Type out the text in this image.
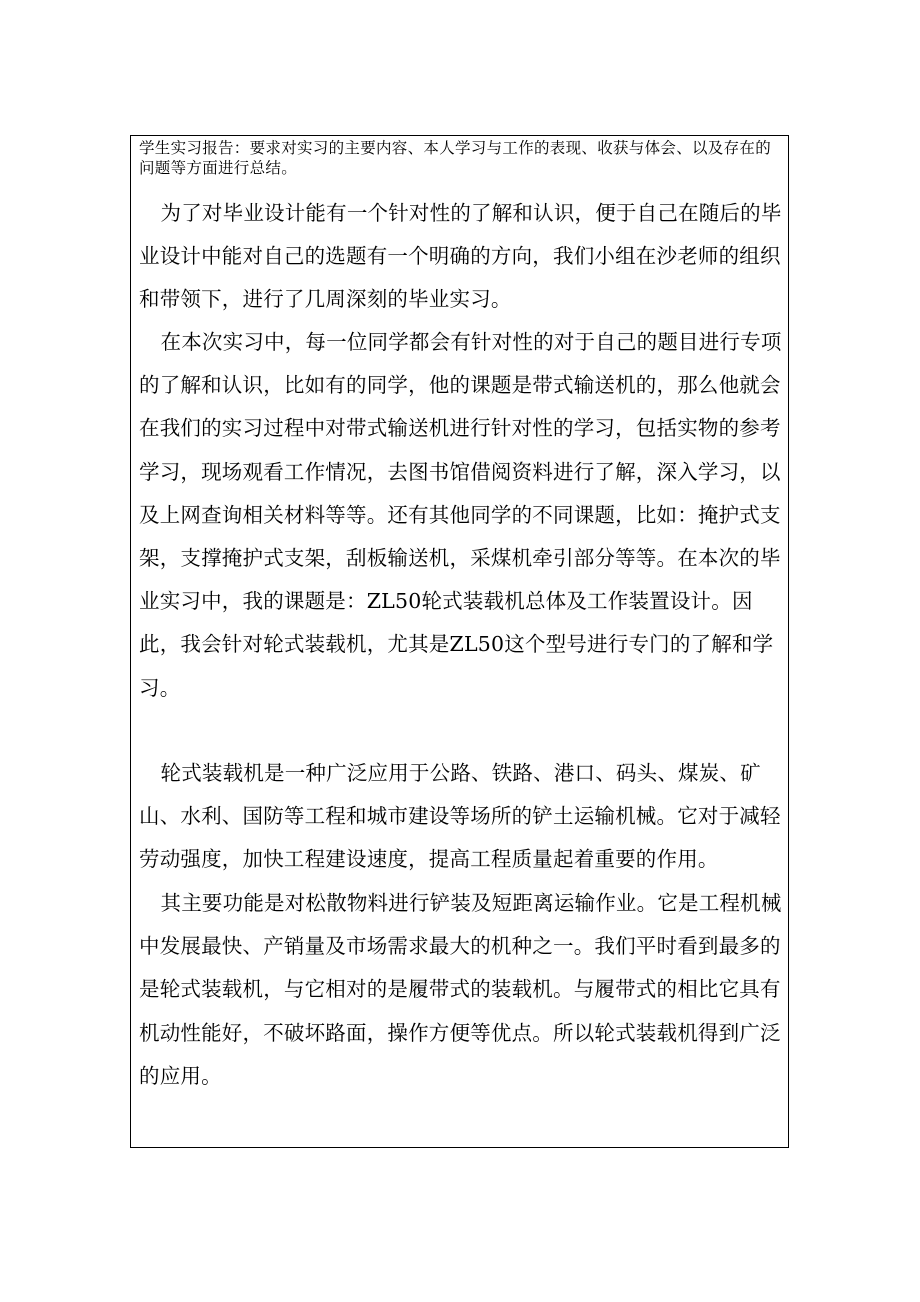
学生实习报告：要求对实习的主要内容、本人学习与工作的表现、收获与体会、以及存在的问题等方面进行总结。

为了对毕业设计能有一个针对性的了解和认识，便于自己在随后的毕业设计中能对自己的选题有一个明确的方向，我们小组在沙老师的组织和带领下，进行了几周深刻的毕业实习。

在本次实习中，每一位同学都会有针对性的对于自己的题目进行专项的了解和认识，比如有的同学，他的课题是带式输送机的，那么他就会在我们的实习过程中对带式输送机进行针对性的学习，包括实物的参考学习，现场观看工作情况，去图书馆借阅资料进行了解，深入学习，以及上网查询相关材料等等。还有其他同学的不同课题，比如：掩护式支架，支撑掩护式支架，刮板输送机，采煤机牵引部分等等。在本次的毕业实习中，我的课题是：ZL50轮式装载机总体及工作装置设计。因此，我会针对轮式装载机，尤其是ZL50这个型号进行专门的了解和学习。

轮式装载机是一种广泛应用于公路、铁路、港口、码头、煤炭、矿山、水利、国防等工程和城市建设等场所的铲土运输机械。它对于减轻劳动强度，加快工程建设速度，提高工程质量起着重要的作用。

其主要功能是对松散物料进行铲装及短距离运输作业。它是工程机械中发展最快、产销量及市场需求最大的机种之一。我们平时看到最多的是轮式装载机，与它相对的是履带式的装载机。与履带式的相比它具有机动性能好，不破坏路面，操作方便等优点。所以轮式装载机得到广泛的应用。
